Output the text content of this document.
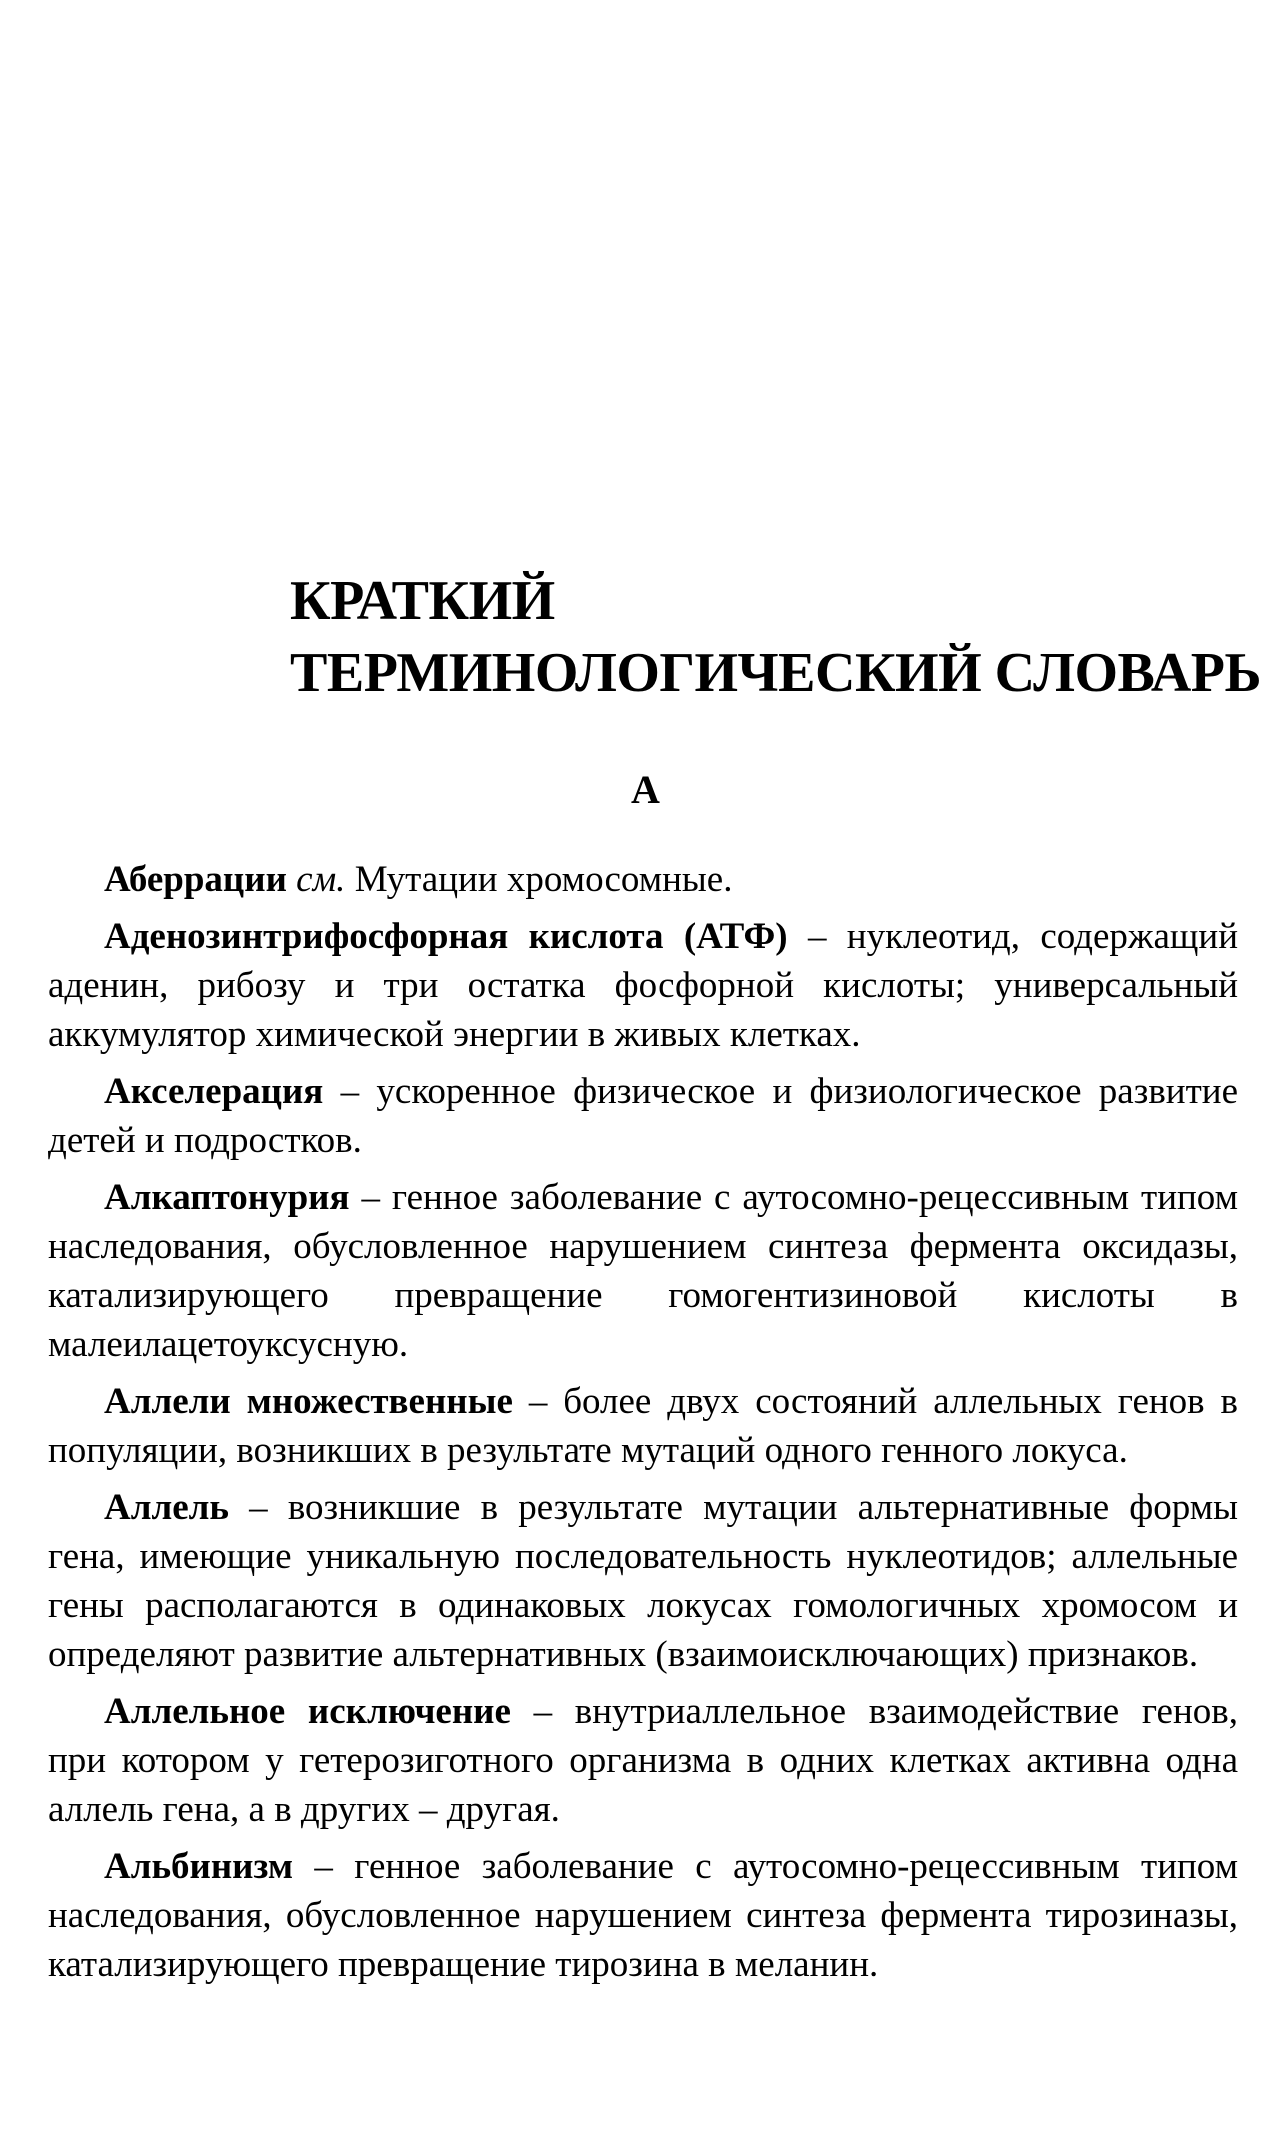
КРАТКИЙ
ТЕРМИНОЛОГИЧЕСКИЙ СЛОВАРЬ
А

Аберрации см. Мутации хромосомные.

Аденозинтрифосфорная кислота (АТФ) – нуклеотид, содержащий аденин, рибозу и три остатка фосфорной кислоты; универсальный аккумулятор химической энергии в живых клетках.

Акселерация – ускоренное физическое и физиологическое развитие детей и подростков.

Алкаптонурия – генное заболевание с аутосомно-рецессивным типом наследования, обусловленное нарушением синтеза фермента оксидазы, катализирующего превращение гомогентизиновой кислоты в малеилацетоуксусную.

Аллели множественные – более двух состояний аллельных генов в популяции, возникших в результате мутаций одного генного локуса.

Аллель – возникшие в результате мутации альтернативные формы гена, имеющие уникальную последовательность нуклеотидов; аллельные гены располагаются в одинаковых локусах гомологичных хромосом и определяют развитие альтернативных (взаимоисключающих) признаков.

Аллельное исключение – внутриаллельное взаимодействие генов, при котором у гетерозиготного организма в одних клетках активна одна аллель гена, а в других – другая.

Альбинизм – генное заболевание с аутосомно-рецессивным типом наследования, обусловленное нарушением синтеза фермента тирозиназы, катализирующего превращение тирозина в меланин.
